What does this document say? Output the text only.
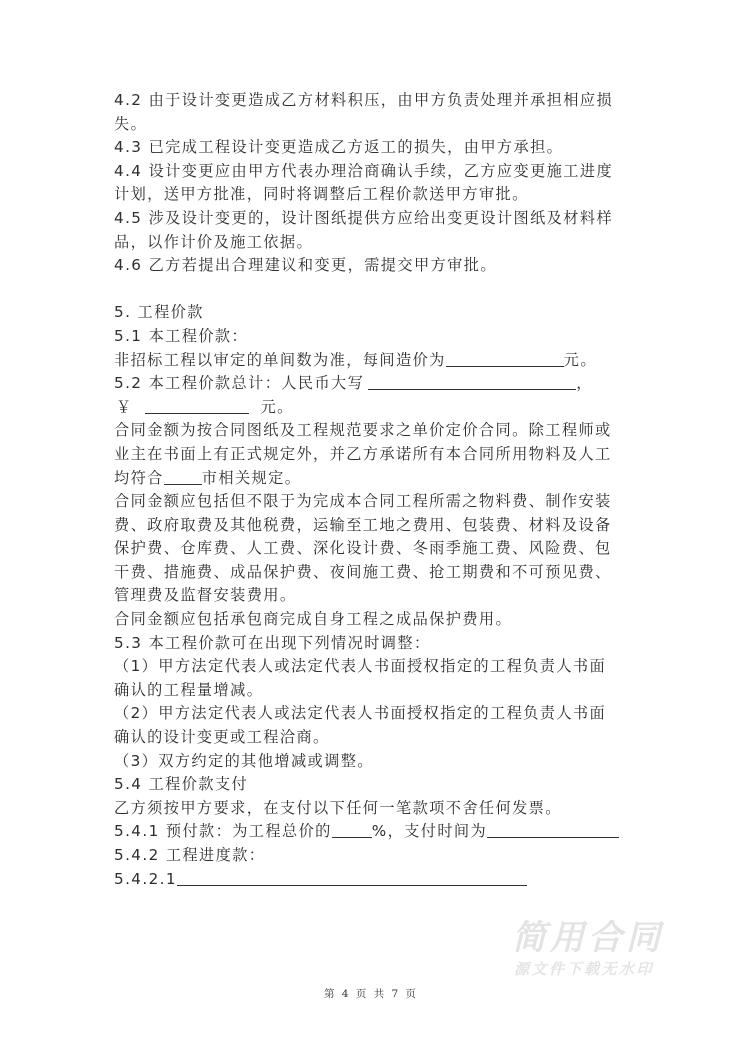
4.2 由于设计变更造成乙方材料积压，由甲方负责处理并承担相应损
失。
4.3 已完成工程设计变更造成乙方返工的损失，由甲方承担。
4.4 设计变更应由甲方代表办理洽商确认手续，乙方应变更施工进度
计划，送甲方批准，同时将调整后工程价款送甲方审批。
4.5 涉及设计变更的，设计图纸提供方应给出变更设计图纸及材料样
品，以作计价及施工依据。
4.6 乙方若提出合理建议和变更，需提交甲方审批。
5. 工程价款
5.1 本工程价款：
非招标工程以审定的单间数为准，每间造价为	元。
5.2 本工程价款总计：人民币大写	，
￥	元。
合同金额为按合同图纸及工程规范要求之单价定价合同。除工程师或
业主在书面上有正式规定外，并乙方承诺所有本合同所用物料及人工
均符合	市相关规定。
合同金额应包括但不限于为完成本合同工程所需之物料费、制作安装
费、政府取费及其他税费，运输至工地之费用、包装费、材料及设备
保护费、仓库费、人工费、深化设计费、冬雨季施工费、风险费、包
干费、措施费、成品保护费、夜间施工费、抢工期费和不可预见费、
管理费及监督安装费用。
合同金额应包括承包商完成自身工程之成品保护费用。
5.3 本工程价款可在出现下列情况时调整：
（1）甲方法定代表人或法定代表人书面授权指定的工程负责人书面
确认的工程量增减。
（2）甲方法定代表人或法定代表人书面授权指定的工程负责人书面
确认的设计变更或工程洽商。
（3）双方约定的其他增减或调整。
5.4 工程价款支付
乙方须按甲方要求，在支付以下任何一笔款项不舍任何发票。
5.4.1 预付款：为工程总价的	%，支付时间为
5.4.2 工程进度款：
5.4.2.1
简用合同
源文件下载无水印
第 4 页 共 7 页
